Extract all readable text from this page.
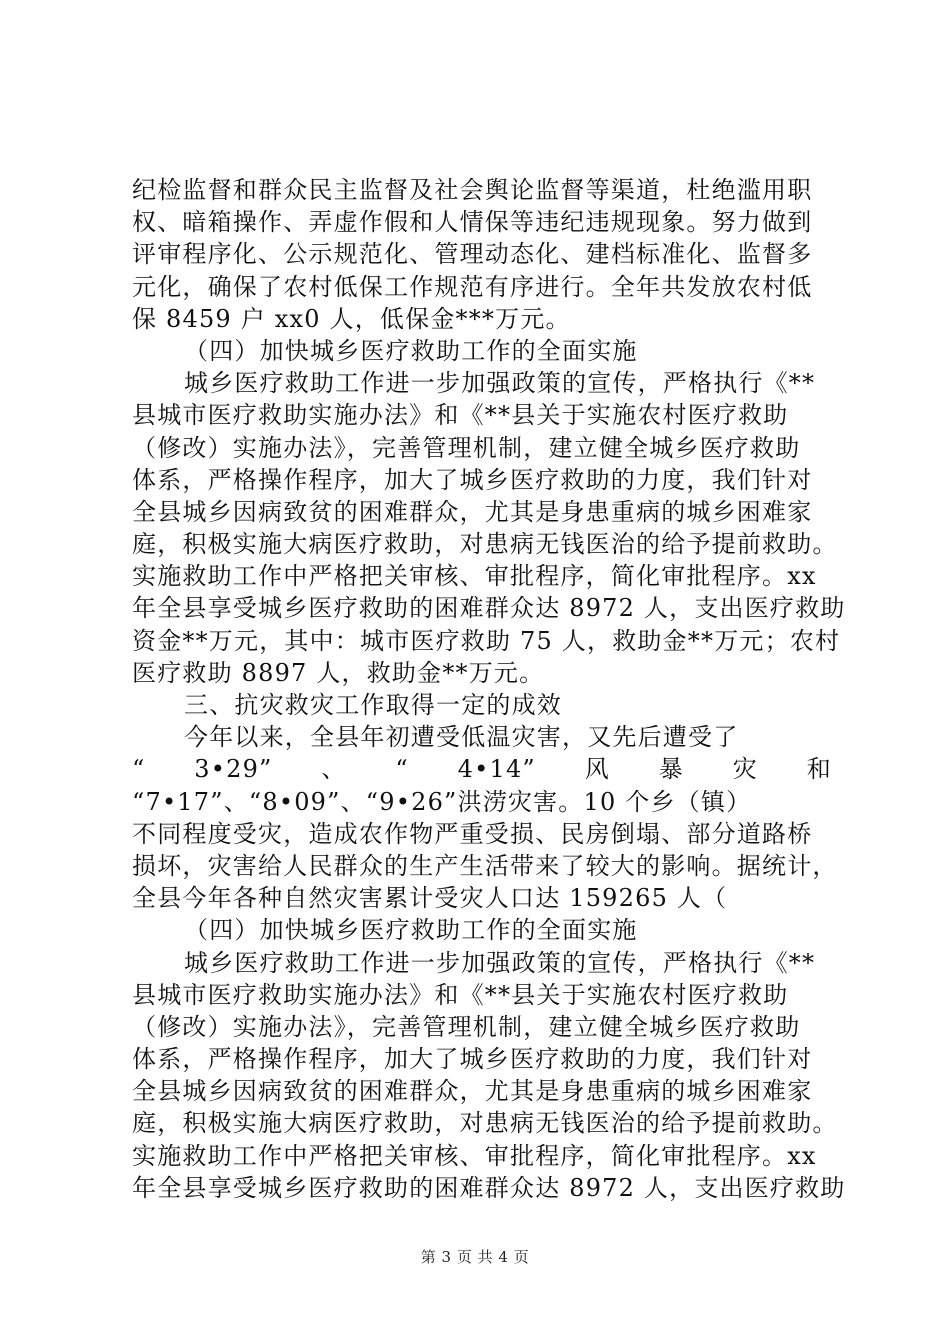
纪检监督和群众民主监督及社会舆论监督等渠道，杜绝滥用职
权、暗箱操作、弄虚作假和人情保等违纪违规现象。努力做到
评审程序化、公示规范化、管理动态化、建档标准化、监督多
元化，确保了农村低保工作规范有序进行。全年共发放农村低
保 8459 户 xx0 人，低保金***万元。
（四）加快城乡医疗救助工作的全面实施
城乡医疗救助工作进一步加强政策的宣传，严格执行《**
县城市医疗救助实施办法》和《**县关于实施农村医疗救助
（修改）实施办法》，完善管理机制，建立健全城乡医疗救助
体系，严格操作程序，加大了城乡医疗救助的力度，我们针对
全县城乡因病致贫的困难群众，尤其是身患重病的城乡困难家
庭，积极实施大病医疗救助，对患病无钱医治的给予提前救助。
实施救助工作中严格把关审核、审批程序，简化审批程序。xx
年全县享受城乡医疗救助的困难群众达 8972 人，支出医疗救助
资金**万元，其中：城市医疗救助 75 人，救助金**万元；农村
医疗救助 8897 人，救助金**万元。
三、抗灾救灾工作取得一定的成效
今年以来，全县年初遭受低温灾害，又先后遭受了
“ 3•29” 、 “ 4•14” 风 暴 灾 和
“7•17”、“8•09”、“9•26”洪涝灾害。10 个乡（镇）
不同程度受灾，造成农作物严重受损、民房倒塌、部分道路桥
损坏，灾害给人民群众的生产生活带来了较大的影响。据统计，
全县今年各种自然灾害累计受灾人口达 159265 人（
（四）加快城乡医疗救助工作的全面实施
城乡医疗救助工作进一步加强政策的宣传，严格执行《**
县城市医疗救助实施办法》和《**县关于实施农村医疗救助
（修改）实施办法》，完善管理机制，建立健全城乡医疗救助
体系，严格操作程序，加大了城乡医疗救助的力度，我们针对
全县城乡因病致贫的困难群众，尤其是身患重病的城乡困难家
庭，积极实施大病医疗救助，对患病无钱医治的给予提前救助。
实施救助工作中严格把关审核、审批程序，简化审批程序。xx
年全县享受城乡医疗救助的困难群众达 8972 人，支出医疗救助
第 3 页 共 4 页
